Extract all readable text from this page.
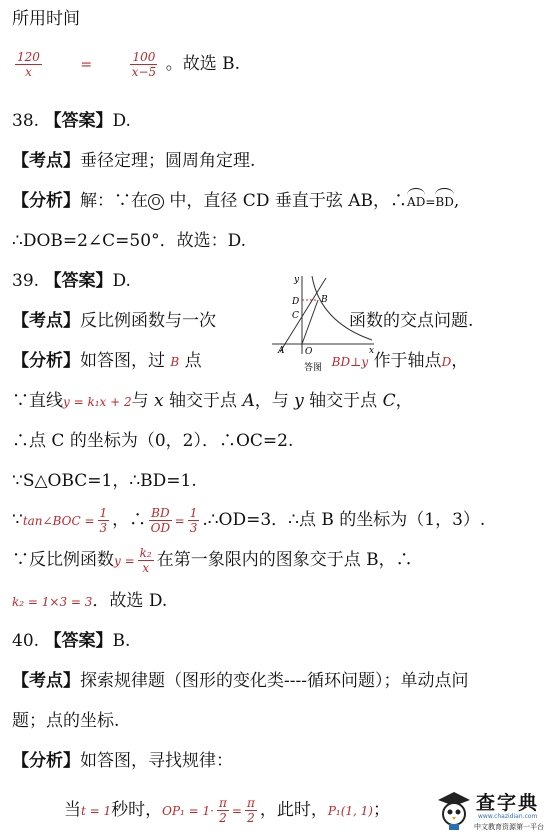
所用时间
$\frac{120}{x}$	=	$\frac{100}{x-5}$ 。故选 B.
38. 【答案】D.
【考点】垂径定理；圆周角定理.
【分析】解：∵在 O 中，直径 CD 垂直于弦 AB，∴AD=BD,
∴DOB=2∠C=50°．故选：D.
39. 【答案】D.
【考点】反比例函数与一次	函数的交点问题.
【分析】如答图，过 B 点	BD⊥y 作于轴点D，
y
D
C
B
A O	x
答图
∵直线y = k₁x + 2与 x 轴交于点 A，与 y 轴交于点 C，
∴点 C 的坐标为（0，2）．∴OC=2.
∵S△OBC=1，∴BD=1.
∵tan∠BOC = $\frac{1}{3}$ ，∴ $\frac{BD}{OD} = \frac{1}{3}$ .∴OD=3．∴点 B 的坐标为（1，3）.
∵反比例函数$y = \frac{\text{k₂}}{x}$ 在第一象限内的图象交于点 B，∴
k₂ = 1×3 = 3．故选 D.
40. 【答案】B.
【考点】探索规律题（图形的变化类----循环问题）；单动点问
题；点的坐标.
【分析】如答图，寻找规律：
当t = 1秒时，$OP_1 = 1\cdot \frac{\pi}{2} = \frac{\pi}{2}$ ，此时，P₁(1, 1)；	查字典
www.chazidian.com
中文教育资源第一平台
